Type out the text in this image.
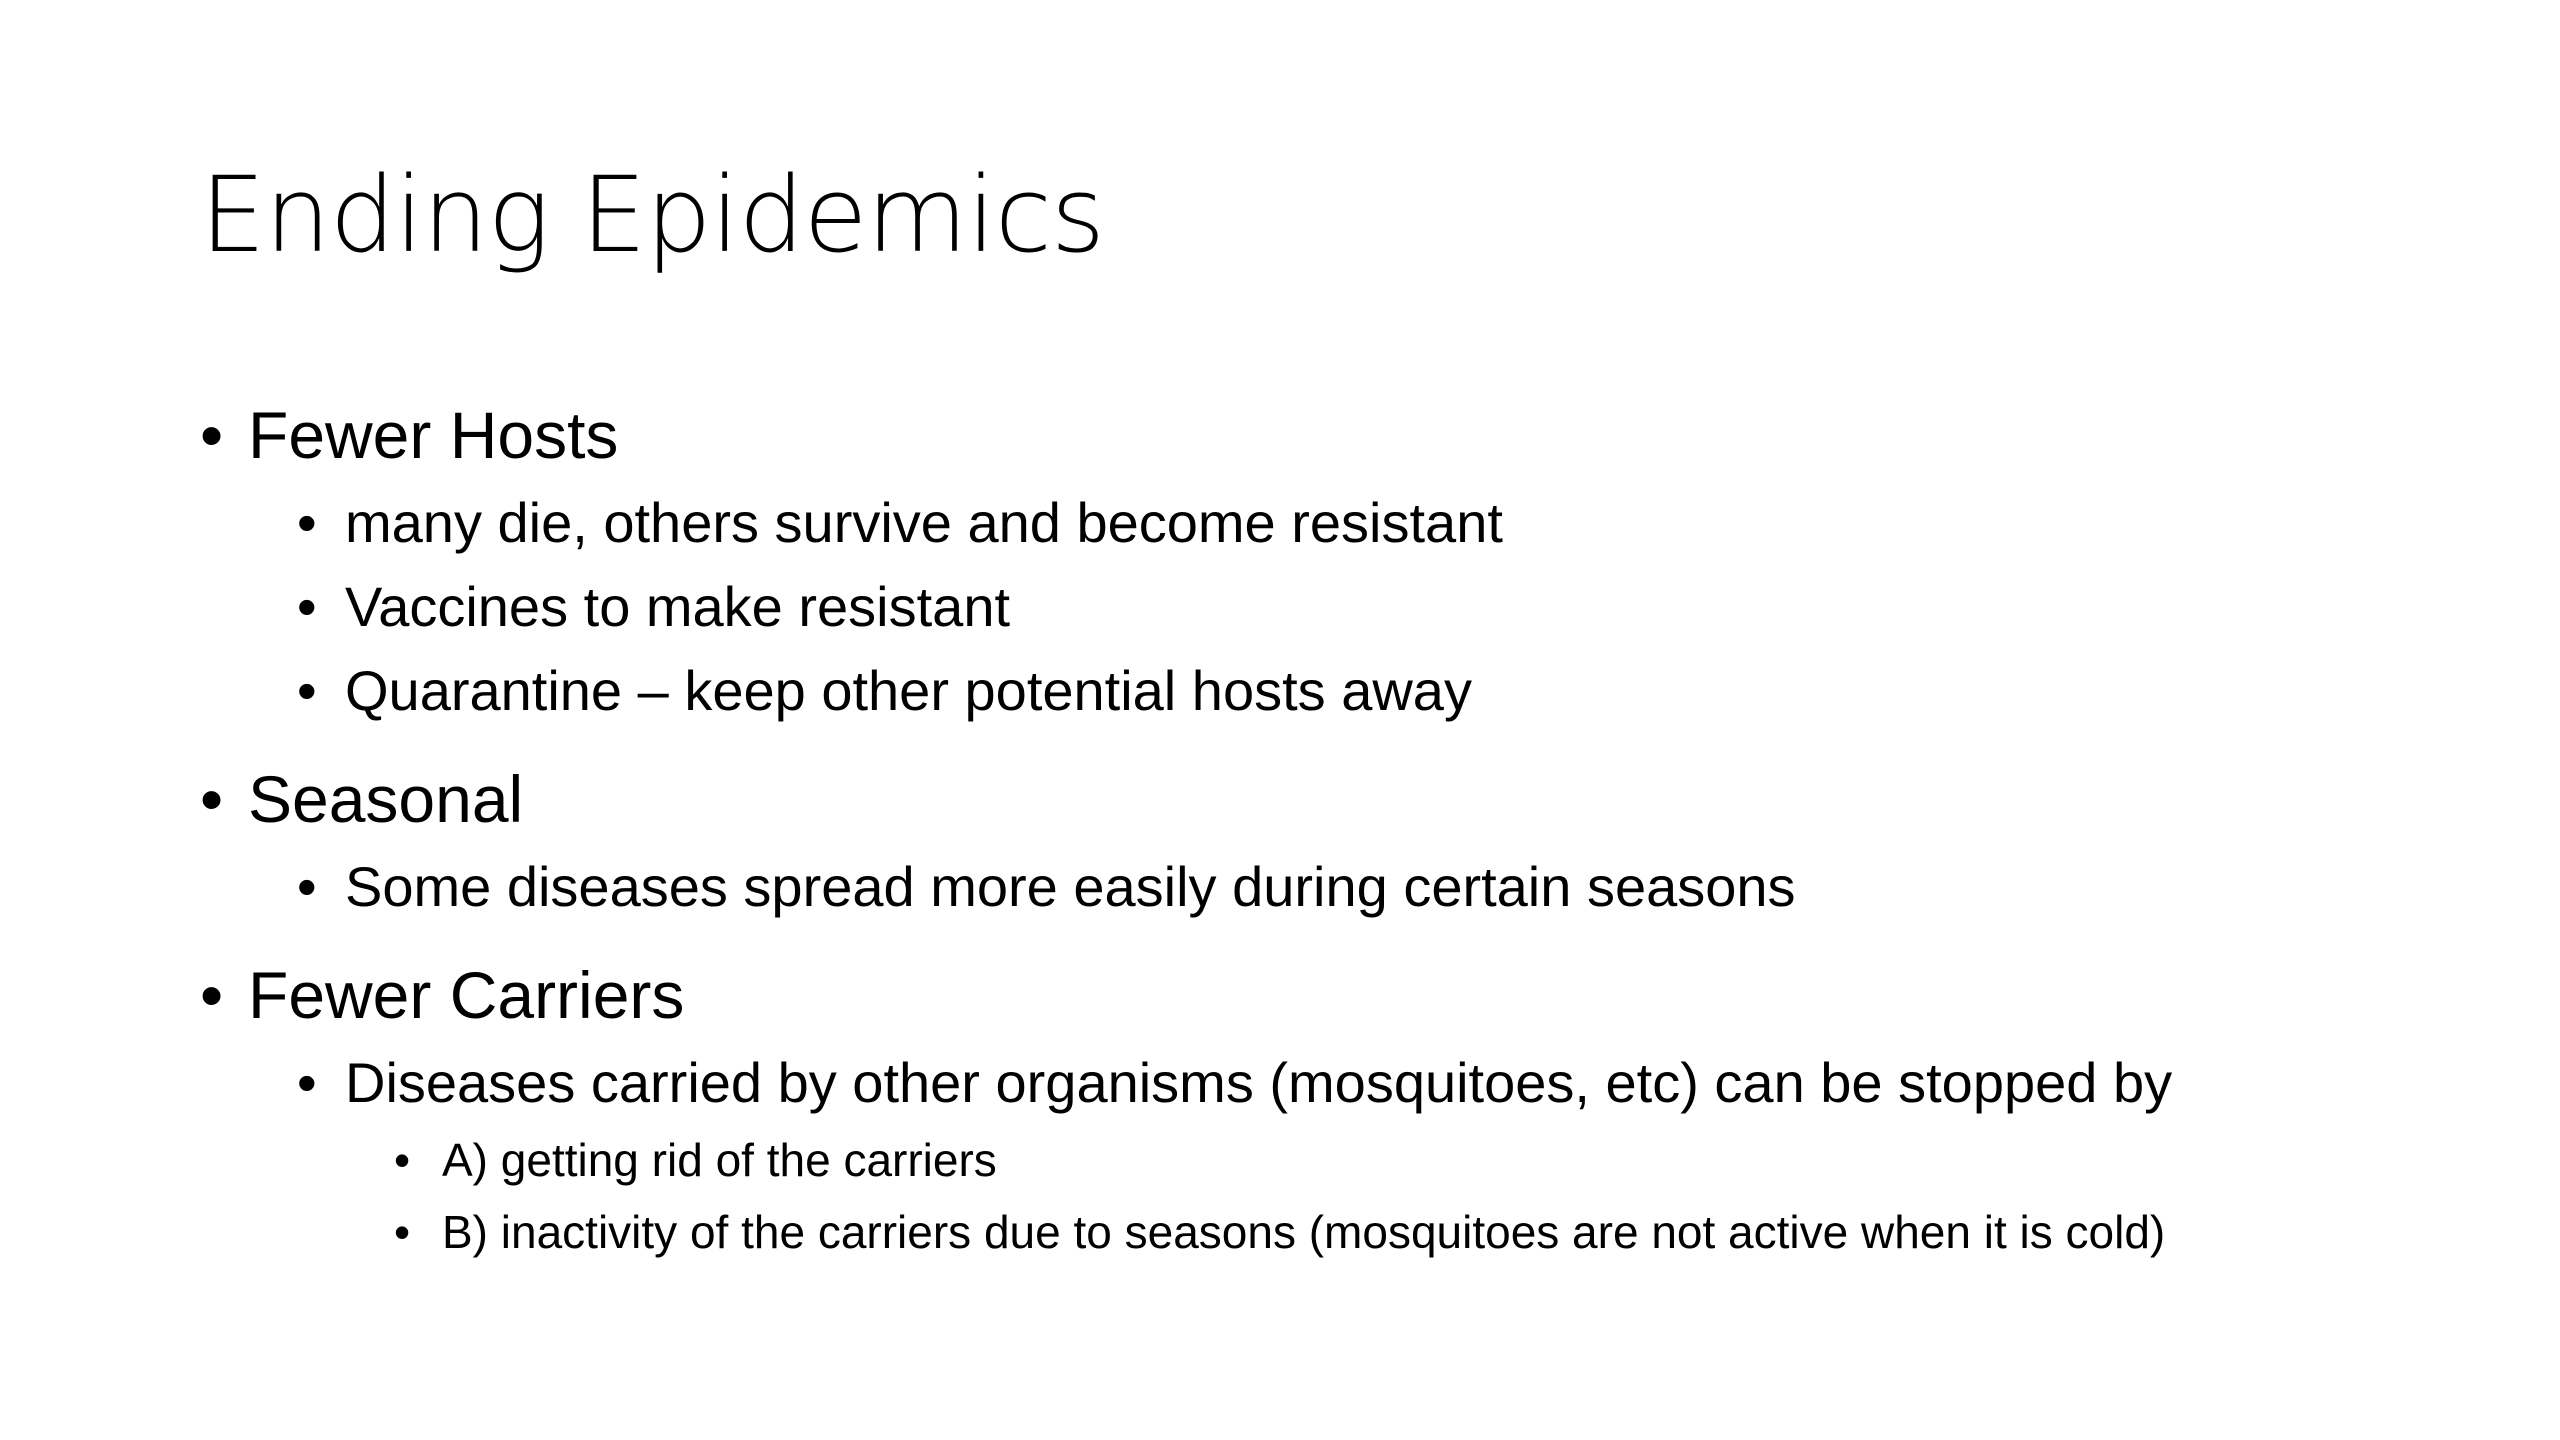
Ending Epidemics
• Fewer Hosts
• many die, others survive and become resistant
• Vaccines to make resistant
• Quarantine – keep other potential hosts away
• Seasonal
• Some diseases spread more easily during certain seasons
• Fewer Carriers
• Diseases carried by other organisms (mosquitoes, etc) can be stopped by
• A) getting rid of the carriers
• B) inactivity of the carriers due to seasons (mosquitoes are not active when it is cold)
